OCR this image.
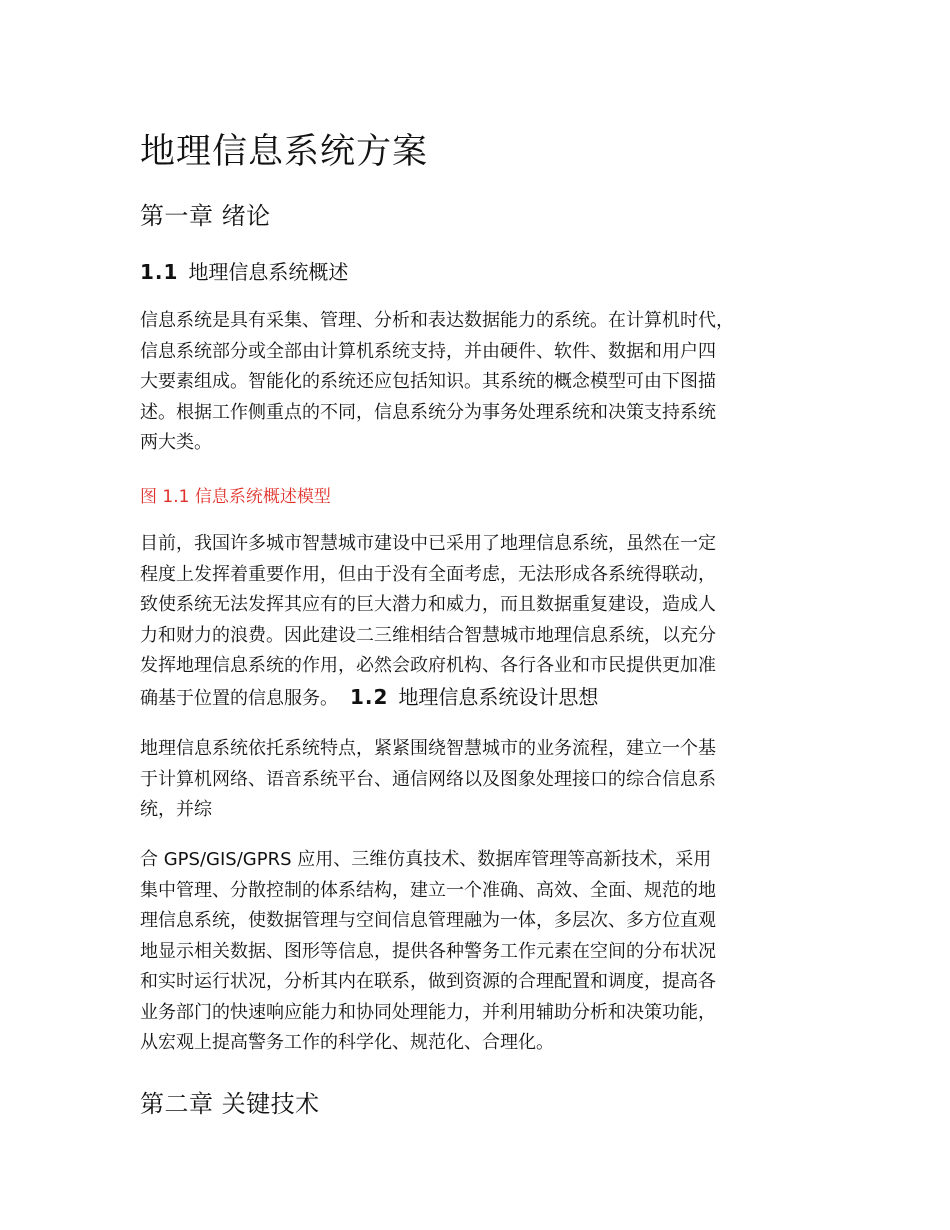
地理信息系统方案
第一章 绪论
1.1 地理信息系统概述
信息系统是具有采集、管理、分析和表达数据能力的系统。在计算机时代，
信息系统部分或全部由计算机系统支持，并由硬件、软件、数据和用户四
大要素组成。智能化的系统还应包括知识。其系统的概念模型可由下图描
述。根据工作侧重点的不同，信息系统分为事务处理系统和决策支持系统
两大类。
图 1.1 信息系统概述模型
目前，我国许多城市智慧城市建设中已采用了地理信息系统，虽然在一定
程度上发挥着重要作用，但由于没有全面考虑，无法形成各系统得联动，
致使系统无法发挥其应有的巨大潜力和威力，而且数据重复建设，造成人
力和财力的浪费。因此建设二三维相结合智慧城市地理信息系统，以充分
发挥地理信息系统的作用，必然会政府机构、各行各业和市民提供更加准
确基于位置的信息服务。 1.2 地理信息系统设计思想
地理信息系统依托系统特点，紧紧围绕智慧城市的业务流程，建立一个基
于计算机网络、语音系统平台、通信网络以及图象处理接口的综合信息系
统，并综
合 GPS/GIS/GPRS 应用、三维仿真技术、数据库管理等高新技术，采用
集中管理、分散控制的体系结构，建立一个准确、高效、全面、规范的地
理信息系统，使数据管理与空间信息管理融为一体，多层次、多方位直观
地显示相关数据、图形等信息，提供各种警务工作元素在空间的分布状况
和实时运行状况，分析其内在联系，做到资源的合理配置和调度，提高各
业务部门的快速响应能力和协同处理能力，并利用辅助分析和决策功能，
从宏观上提高警务工作的科学化、规范化、合理化。
第二章 关键技术
